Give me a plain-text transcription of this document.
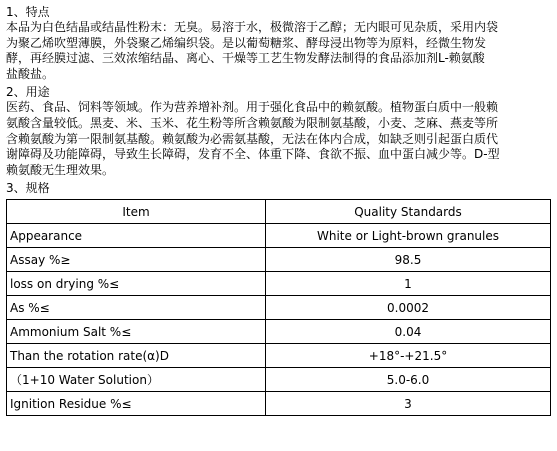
1、特点

本品为白色结晶或结晶性粉末：无臭。易溶于水，极微溶于乙醇；无内眼可见杂质，采用内袋

为聚乙烯吹塑薄膜，外袋聚乙烯编织袋。是以葡萄糖浆、酵母浸出物等为原料，经微生物发

酵，再经膜过滤、三效浓缩结晶、离心、干燥等工艺生物发酵法制得的食品添加剂L-赖氨酸

盐酸盐。

2、用途

医药、食品、饲料等领域。作为营养增补剂。用于强化食品中的赖氨酸。植物蛋白质中一般赖

氨酸含量较低。黑麦、米、玉米、花生粉等所含赖氨酸为限制氨基酸，小麦、芝麻、燕麦等所

含赖氨酸为第一限制氨基酸。赖氨酸为必需氨基酸，无法在体内合成，如缺乏则引起蛋白质代

谢障碍及功能障碍，导致生长障碍，发育不全、体重下降、食欲不振、血中蛋白减少等。D-型

赖氨酸无生理效果。

3、规格

Item	Quality Standards
Appearance	White or Light-brown granules
Assay %≥	98.5
loss on drying %≤	1
As %≤	0.0002
Ammonium Salt %≤	0.04
Than the rotation rate(α)D	+18°-+21.5°
（1+10 Water Solution）	5.0-6.0
Ignition Residue %≤	3
